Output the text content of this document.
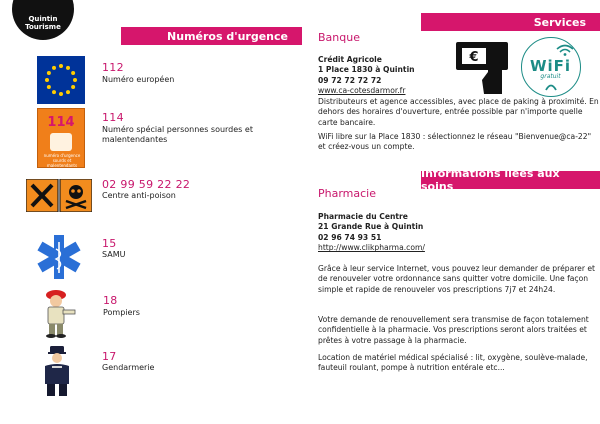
Quintin
Tourisme
Numéros d'urgence
Services
Informations liées aux soins
112
Numéro européen
114
numéro d'urgence sourds et malentendants
114
Numéro spécial personnes sourdes et malentendantes
02 99 59 22 22
Centre anti-poison
15
SAMU
18
Pompiers
17
Gendarmerie
Banque
Crédit Agricole
1 Place 1830 à Quintin
09 72 72 72 72
www.ca-cotesdarmor.fr
Distributeurs et agence accessibles, avec place de paking à proximité. En dehors des horaires d'ouverture, entrée possible par n'importe quelle carte bancaire.
WiFi libre sur la Place 1830 : sélectionnez le réseau "Bienvenue@ca-22" et créez-vous un compte.
€	WiFi
gratuit
Pharmacie
Pharmacie du Centre
21 Grande Rue à Quintin
02 96 74 93 51
http://www.clikpharma.com/
Grâce à leur service Internet, vous pouvez leur demander de préparer et de renouveler votre ordonnance sans quitter votre domicile. Une façon simple et rapide de renouveler vos prescriptions 7j7 et 24h24.
Votre demande de renouvellement sera transmise de façon totalement confidentielle à la pharmacie. Vos prescriptions seront alors traitées et prêtes à votre passage à la pharmacie.
Location de matériel médical spécialisé : lit, oxygène, soulève-malade, fauteuil roulant, pompe à nutrition entérale etc...
